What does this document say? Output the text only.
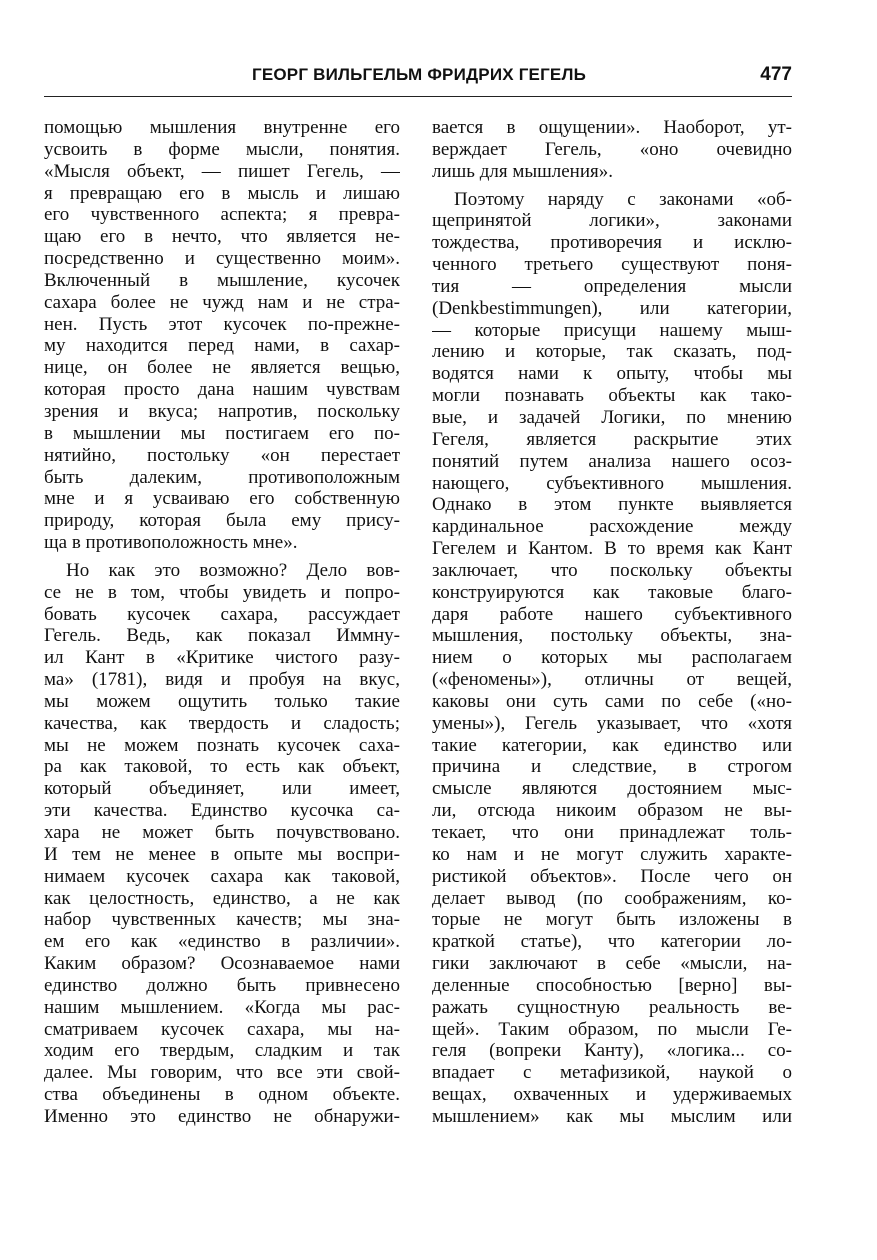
ГЕОРГ ВИЛЬГЕЛЬМ ФРИДРИХ ГЕГЕЛЬ	477
помощью мышления внутренне его
усвоить в форме мысли, понятия.
«Мысля объект, — пишет Гегель, —
я превращаю его в мысль и лишаю
его чувственного аспекта; я превра-
щаю его в нечто, что является не-
посредственно и существенно моим».
Включенный в мышление, кусочек
сахара более не чужд нам и не стра-
нен. Пусть этот кусочек по-прежне-
му находится перед нами, в сахар-
нице, он более не является вещью,
которая просто дана нашим чувствам
зрения и вкуса; напротив, поскольку
в мышлении мы постигаем его по-
нятийно, постольку «он перестает
быть далеким, противоположным
мне и я усваиваю его собственную
природу, которая была ему прису-
ща в противоположность мне».
Но как это возможно? Дело вов-
се не в том, чтобы увидеть и попро-
бовать кусочек сахара, рассуждает
Гегель. Ведь, как показал Иммну-
ил Кант в «Критике чистого разу-
ма» (1781), видя и пробуя на вкус,
мы можем ощутить только такие
качества, как твердость и сладость;
мы не можем познать кусочек саха-
ра как таковой, то есть как объект,
который объединяет, или имеет,
эти качества. Единство кусочка са-
хара не может быть почувствовано.
И тем не менее в опыте мы воспри-
нимаем кусочек сахара как таковой,
как целостность, единство, а не как
набор чувственных качеств; мы зна-
ем его как «единство в различии».
Каким образом? Осознаваемое нами
единство должно быть привнесено
нашим мышлением. «Когда мы рас-
сматриваем кусочек сахара, мы на-
ходим его твердым, сладким и так
далее. Мы говорим, что все эти свой-
ства объединены в одном объекте.
Именно это единство не обнаружи-
вается в ощущении». Наоборот, ут-
верждает Гегель, «оно очевидно
лишь для мышления».
Поэтому наряду с законами «об-
щепринятой логики», законами
тождества, противоречия и исклю-
ченного третьего существуют поня-
тия — определения мысли
(Denkbestimmungen), или категории,
— которые присущи нашему мыш-
лению и которые, так сказать, под-
водятся нами к опыту, чтобы мы
могли познавать объекты как тако-
вые, и задачей Логики, по мнению
Гегеля, является раскрытие этих
понятий путем анализа нашего осоз-
нающего, субъективного мышления.
Однако в этом пункте выявляется
кардинальное расхождение между
Гегелем и Кантом. В то время как Кант
заключает, что поскольку объекты
конструируются как таковые благо-
даря работе нашего субъективного
мышления, постольку объекты, зна-
нием о которых мы располагаем
(«феномены»), отличны от вещей,
каковы они суть сами по себе («но-
умены»), Гегель указывает, что «хотя
такие категории, как единство или
причина и следствие, в строгом
смысле являются достоянием мыс-
ли, отсюда никоим образом не вы-
текает, что они принадлежат толь-
ко нам и не могут служить характе-
ристикой объектов». После чего он
делает вывод (по соображениям, ко-
торые не могут быть изложены в
краткой статье), что категории ло-
гики заключают в себе «мысли, на-
деленные способностью [верно] вы-
ражать сущностную реальность ве-
щей». Таким образом, по мысли Ге-
геля (вопреки Канту), «логика... со-
впадает с метафизикой, наукой о
вещах, охваченных и удерживаемых
мышлением» как мы мыслим или
